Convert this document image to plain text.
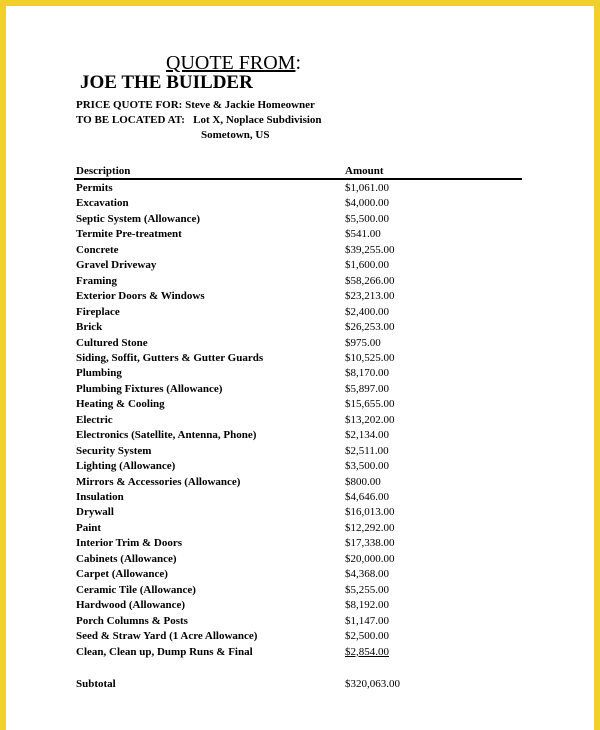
QUOTE FROM:
JOE THE BUILDER
PRICE QUOTE FOR: Steve & Jackie Homeowner
TO BE LOCATED AT:   Lot X, Noplace Subdivision
Sometown, US
Description	Amount
Permits	$1,061.00
Excavation	$4,000.00
Septic System (Allowance)	$5,500.00
Termite Pre-treatment	$541.00
Concrete	$39,255.00
Gravel Driveway	$1,600.00
Framing	$58,266.00
Exterior Doors & Windows	$23,213.00
Fireplace	$2,400.00
Brick	$26,253.00
Cultured Stone	$975.00
Siding, Soffit, Gutters & Gutter Guards	$10,525.00
Plumbing	$8,170.00
Plumbing Fixtures (Allowance)	$5,897.00
Heating & Cooling	$15,655.00
Electric	$13,202.00
Electronics (Satellite, Antenna, Phone)	$2,134.00
Security System	$2,511.00
Lighting (Allowance)	$3,500.00
Mirrors & Accessories (Allowance)	$800.00
Insulation	$4,646.00
Drywall	$16,013.00
Paint	$12,292.00
Interior Trim & Doors	$17,338.00
Cabinets (Allowance)	$20,000.00
Carpet (Allowance)	$4,368.00
Ceramic Tile (Allowance)	$5,255.00
Hardwood (Allowance)	$8,192.00
Porch Columns & Posts	$1,147.00
Seed & Straw Yard (1 Acre Allowance)	$2,500.00
Clean, Clean up, Dump Runs & Final	$2,854.00
Subtotal	$320,063.00
